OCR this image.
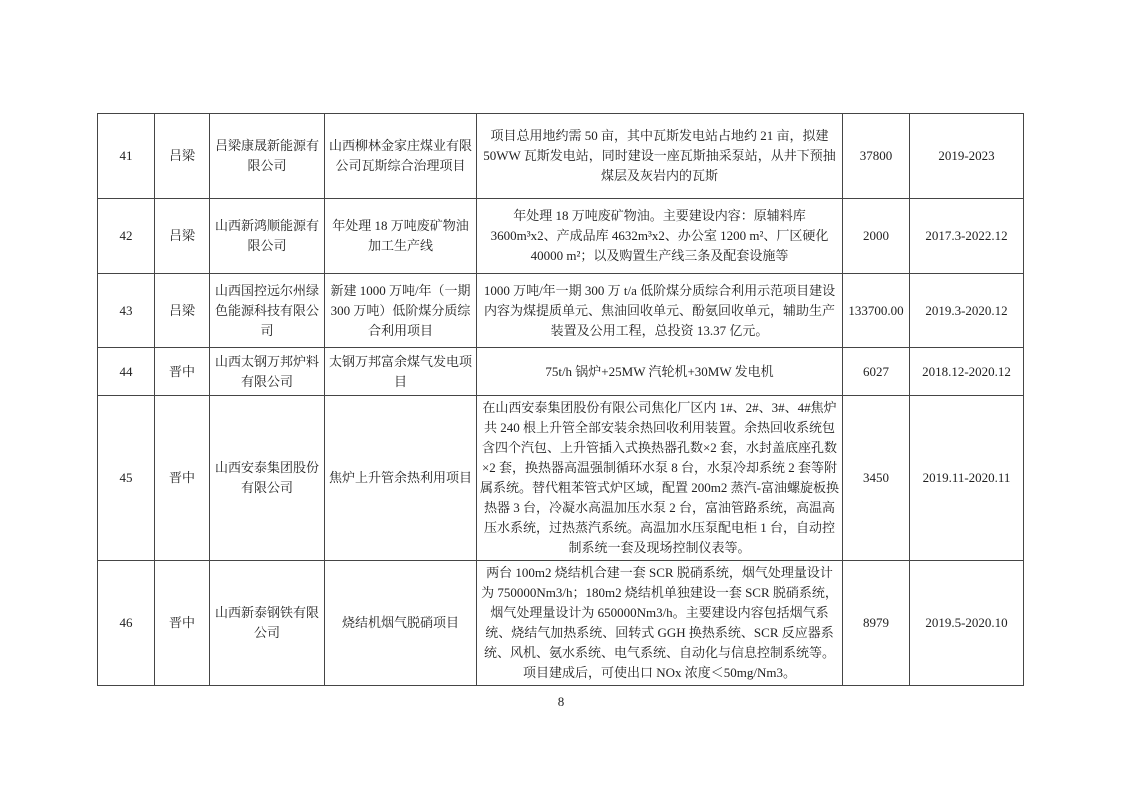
41	吕梁	吕梁康晟新能源有限公司	山西柳林金家庄煤业有限公司瓦斯综合治理项目	项目总用地约需 50 亩，其中瓦斯发电站占地约 21 亩，拟建 50WW 瓦斯发电站，同时建设一座瓦斯抽采泵站，从井下预抽煤层及灰岩内的瓦斯	37800	2019-2023
42	吕梁	山西新鸿顺能源有限公司	年处理 18 万吨废矿物油加工生产线	年处理 18 万吨废矿物油。主要建设内容：原辅料库 3600m³x2、产成品库 4632m³x2、办公室 1200 m²、厂区硬化 40000 m²；以及购置生产线三条及配套设施等	2000	2017.3-2022.12
43	吕梁	山西国控远尔州绿色能源科技有限公司	新建 1000 万吨/年（一期 300 万吨）低阶煤分质综合利用项目	1000 万吨/年一期 300 万 t/a 低阶煤分质综合利用示范项目建设内容为煤提质单元、焦油回收单元、酚氨回收单元，辅助生产装置及公用工程，总投资 13.37 亿元。	133700.00	2019.3-2020.12
44	晋中	山西太钢万邦炉料有限公司	太钢万邦富余煤气发电项目	75t/h 锅炉+25MW 汽轮机+30MW 发电机	6027	2018.12-2020.12
45	晋中	山西安泰集团股份有限公司	焦炉上升管余热利用项目	在山西安泰集团股份有限公司焦化厂区内 1#、2#、3#、4#焦炉共 240 根上升管全部安装余热回收利用装置。余热回收系统包含四个汽包、上升管插入式换热器孔数×2 套，水封盖底座孔数×2 套，换热器高温强制循环水泵 8 台，水泵冷却系统 2 套等附属系统。替代粗苯管式炉区域，配置 200m2 蒸汽-富油螺旋板换热器 3 台，冷凝水高温加压水泵 2 台，富油管路系统，高温高压水系统，过热蒸汽系统。高温加水压泵配电柜 1 台，自动控制系统一套及现场控制仪表等。	3450	2019.11-2020.11
46	晋中	山西新泰钢铁有限公司	烧结机烟气脱硝项目	两台 100m2 烧结机合建一套 SCR 脱硝系统，烟气处理量设计为 750000Nm3/h；180m2 烧结机单独建设一套 SCR 脱硝系统，烟气处理量设计为 650000Nm3/h。主要建设内容包括烟气系统、烧结气加热系统、回转式 GGH 换热系统、SCR 反应器系统、风机、氨水系统、电气系统、自动化与信息控制系统等。项目建成后，可使出口 NOx 浓度＜50mg/Nm3。	8979	2019.5-2020.10
8
